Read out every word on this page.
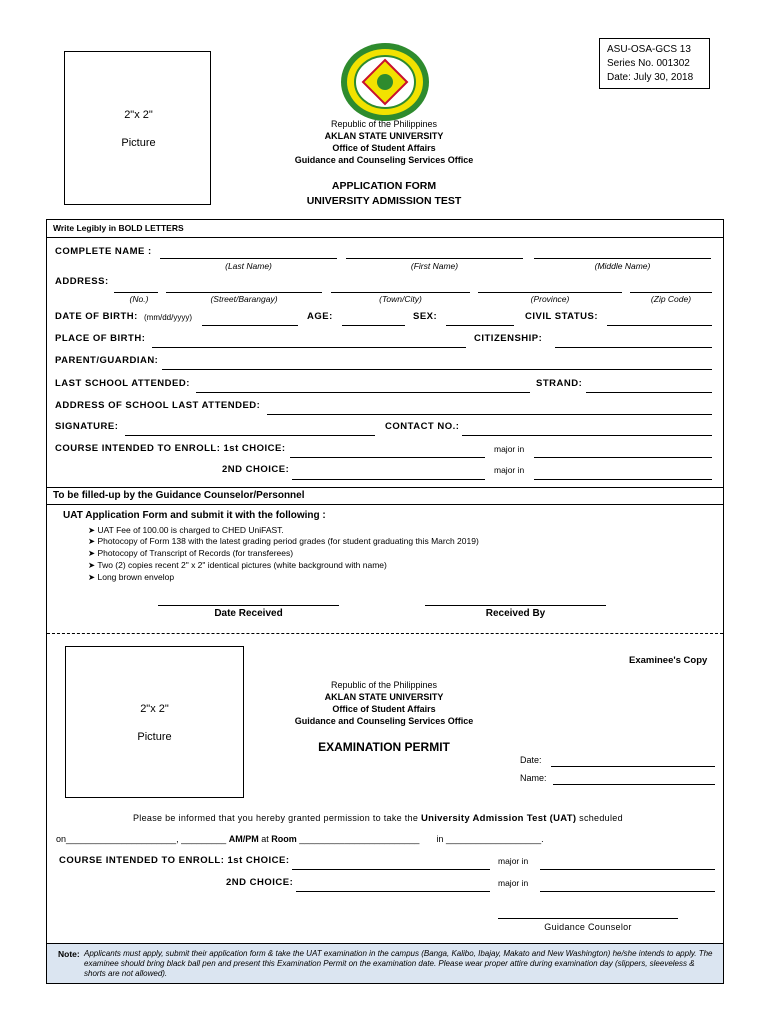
2"x 2"
Picture
ASU-OSA-GCS 13
Series No. 001302
Date: July 30, 2018
Republic of the Philippines
AKLAN STATE UNIVERSITY
Office of Student Affairs
Guidance and Counseling Services Office
APPLICATION FORM
UNIVERSITY ADMISSION TEST
Write Legibly in BOLD LETTERS
COMPLETE NAME :
(Last Name)	(First Name)	(Middle Name)
ADDRESS:
(No.)	(Street/Barangay)	(Town/City)	(Province)	(Zip Code)
DATE OF BIRTH: (mm/dd/yyyy)	AGE:	SEX:	CIVIL STATUS:
PLACE OF BIRTH:	CITIZENSHIP:
PARENT/GUARDIAN:
LAST SCHOOL ATTENDED:	STRAND:
ADDRESS OF SCHOOL LAST ATTENDED:
SIGNATURE:	CONTACT NO.:
COURSE INTENDED TO ENROLL: 1st CHOICE:	major in
2ND CHOICE:	major in
To be filled-up by the Guidance Counselor/Personnel
UAT Application Form and submit it with the following :
➤ UAT Fee of 100.00 is charged to CHED UniFAST.
➤ Photocopy of Form 138 with the latest grading period grades (for student graduating this March 2019)
➤ Photocopy of Transcript of Records (for transferees)
➤ Two (2) copies recent 2" x 2" identical pictures (white background with name)
➤ Long brown envelop
Date Received	Received By
2"x 2"
Picture
Examinee's Copy
Republic of the Philippines
AKLAN STATE UNIVERSITY
Office of Student Affairs
Guidance and Counseling Services Office
EXAMINATION PERMIT
Date:
Name:
Please be informed that you hereby granted permission to take the University Admission Test (UAT) scheduled
on______________________, _________ AM/PM at Room ________________________ in ___________________.
COURSE INTENDED TO ENROLL: 1st CHOICE:	major in
2ND CHOICE:	major in
Guidance Counselor
Note: Applicants must apply, submit their application form & take the UAT examination in the campus (Banga, Kalibo, Ibajay, Makato and New Washington) he/she intends to apply. The examinee should bring black ball pen and present this Examination Permit on the examination date. Please wear proper attire during examination day (slippers, sleeveless & shorts are not allowed).
